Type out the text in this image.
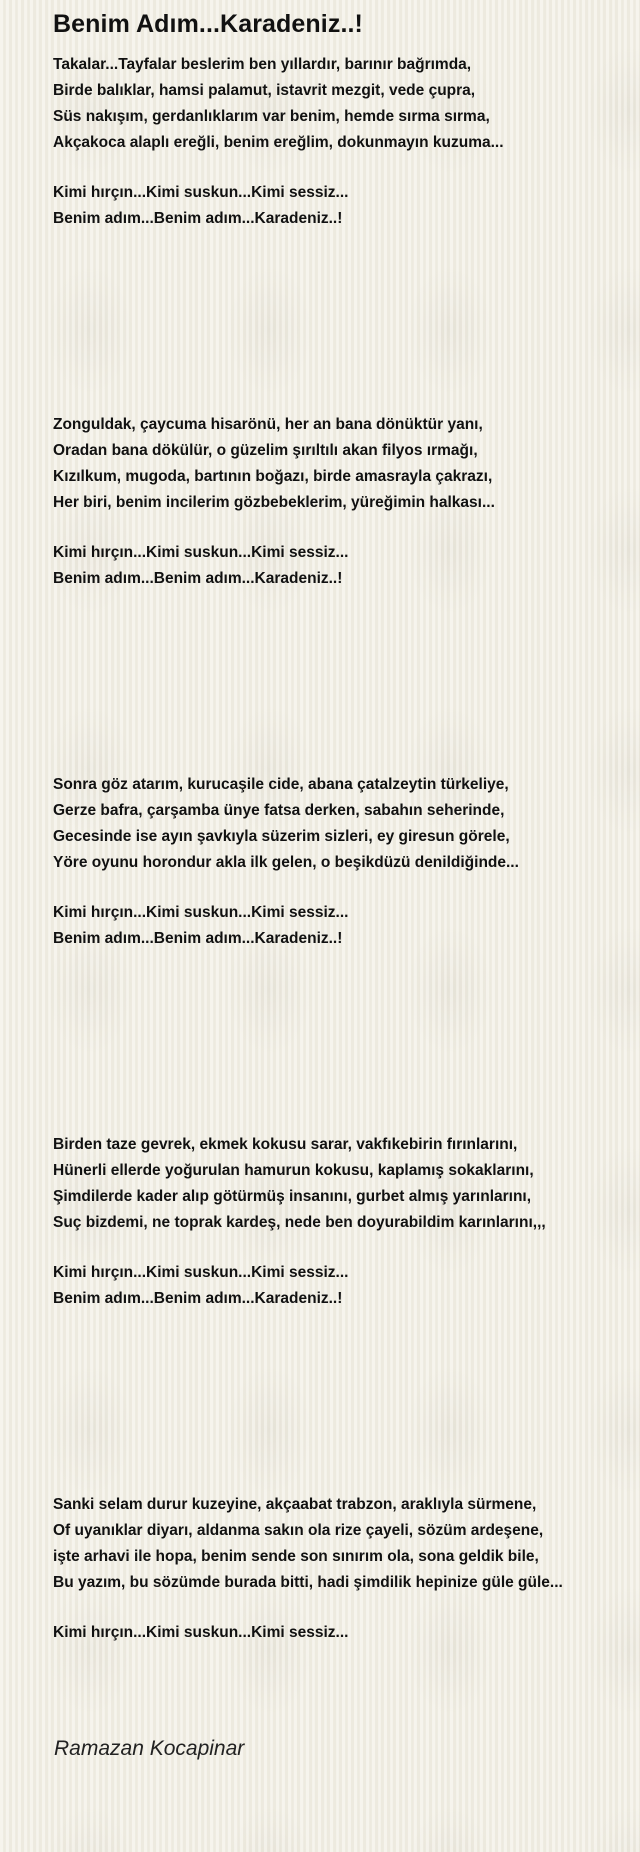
Benim Adım...Karadeniz..!
Takalar...Tayfalar beslerim ben yıllardır, barınır bağrımda,
Birde balıklar, hamsi palamut, istavrit mezgit, vede çupra,
Süs nakışım, gerdanlıklarım var benim, hemde sırma sırma,
Akçakoca alaplı ereğli, benim ereğlim, dokunmayın kuzuma...
Kimi hırçın...Kimi suskun...Kimi sessiz...
Benim adım...Benim adım...Karadeniz..!
Zonguldak, çaycuma hisarönü, her an bana dönüktür yanı,
Oradan bana dökülür, o güzelim şırıltılı akan filyos ırmağı,
Kızılkum, mugoda, bartının boğazı, birde amasrayla çakrazı,
Her biri, benim incilerim gözbebeklerim, yüreğimin halkası...
Kimi hırçın...Kimi suskun...Kimi sessiz...
Benim adım...Benim adım...Karadeniz..!
Sonra göz atarım, kurucaşile cide, abana çatalzeytin türkeliye,
Gerze bafra, çarşamba ünye fatsa derken, sabahın seherinde,
Gecesinde ise ayın şavkıyla süzerim sizleri, ey giresun görele,
Yöre oyunu horondur akla ilk gelen, o beşikdüzü denildiğinde...
Kimi hırçın...Kimi suskun...Kimi sessiz...
Benim adım...Benim adım...Karadeniz..!
Birden taze gevrek, ekmek kokusu sarar, vakfıkebirin fırınlarını,
Hünerli ellerde yoğurulan hamurun kokusu, kaplamış sokaklarını,
Şimdilerde kader alıp götürmüş insanını, gurbet almış yarınlarını,
Suç bizdemi, ne toprak kardeş, nede ben doyurabildim karınlarını,,,
Kimi hırçın...Kimi suskun...Kimi sessiz...
Benim adım...Benim adım...Karadeniz..!
Sanki selam durur kuzeyine, akçaabat trabzon, araklıyla sürmene,
Of uyanıklar diyarı, aldanma sakın ola rize çayeli, sözüm ardeşene,
işte arhavi ile hopa, benim sende son sınırım ola, sona geldik bile,
Bu yazım, bu sözümde burada bitti, hadi şimdilik hepinize güle güle...
Kimi hırçın...Kimi suskun...Kimi sessiz...
Ramazan Kocapinar
